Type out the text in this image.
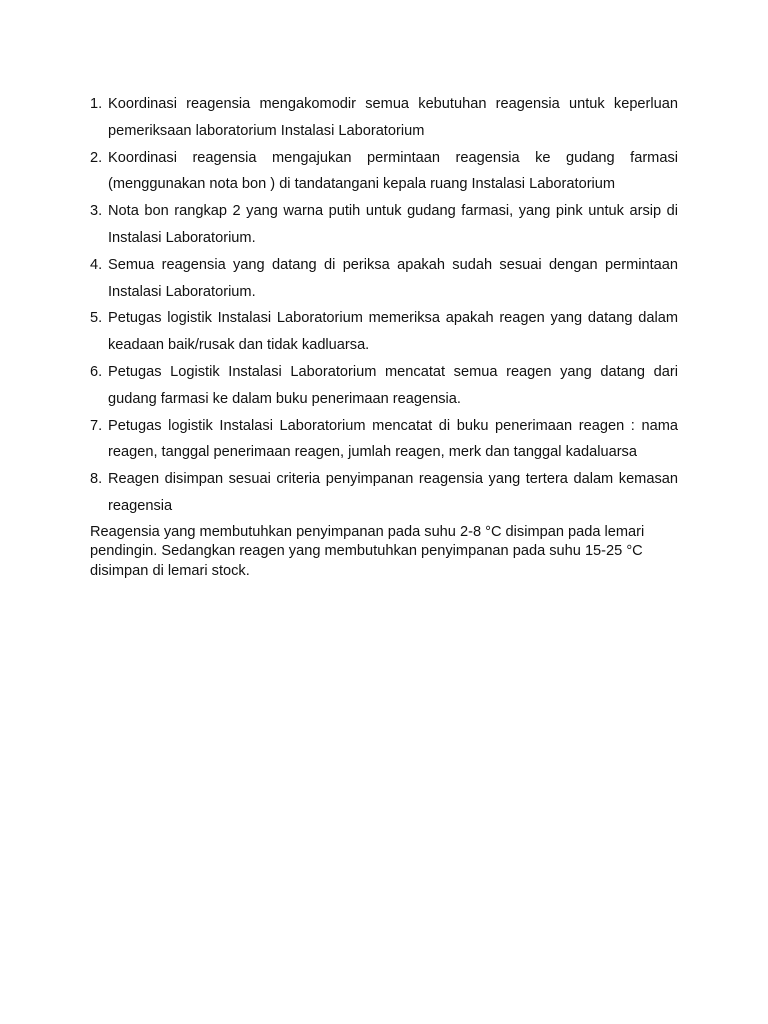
1. Koordinasi reagensia mengakomodir semua kebutuhan reagensia untuk keperluan pemeriksaan laboratorium Instalasi Laboratorium
2. Koordinasi reagensia mengajukan permintaan reagensia ke gudang farmasi (menggunakan nota bon ) di tandatangani kepala ruang Instalasi Laboratorium
3. Nota bon rangkap 2 yang warna putih untuk gudang farmasi, yang pink untuk arsip di Instalasi Laboratorium.
4. Semua reagensia yang datang di periksa apakah sudah sesuai dengan permintaan Instalasi Laboratorium.
5. Petugas logistik Instalasi Laboratorium memeriksa apakah reagen yang datang dalam keadaan baik/rusak dan tidak kadluarsa.
6. Petugas Logistik Instalasi Laboratorium mencatat semua reagen yang datang dari gudang farmasi ke dalam buku penerimaan reagensia.
7. Petugas logistik Instalasi Laboratorium mencatat di buku penerimaan reagen : nama reagen, tanggal penerimaan reagen, jumlah reagen, merk dan tanggal kadaluarsa
8. Reagen disimpan sesuai criteria penyimpanan reagensia yang tertera dalam kemasan reagensia

Reagensia yang membutuhkan penyimpanan pada suhu 2-8 °C disimpan pada lemari pendingin. Sedangkan reagen yang membutuhkan penyimpanan pada suhu 15-25 °C disimpan di lemari stock.
